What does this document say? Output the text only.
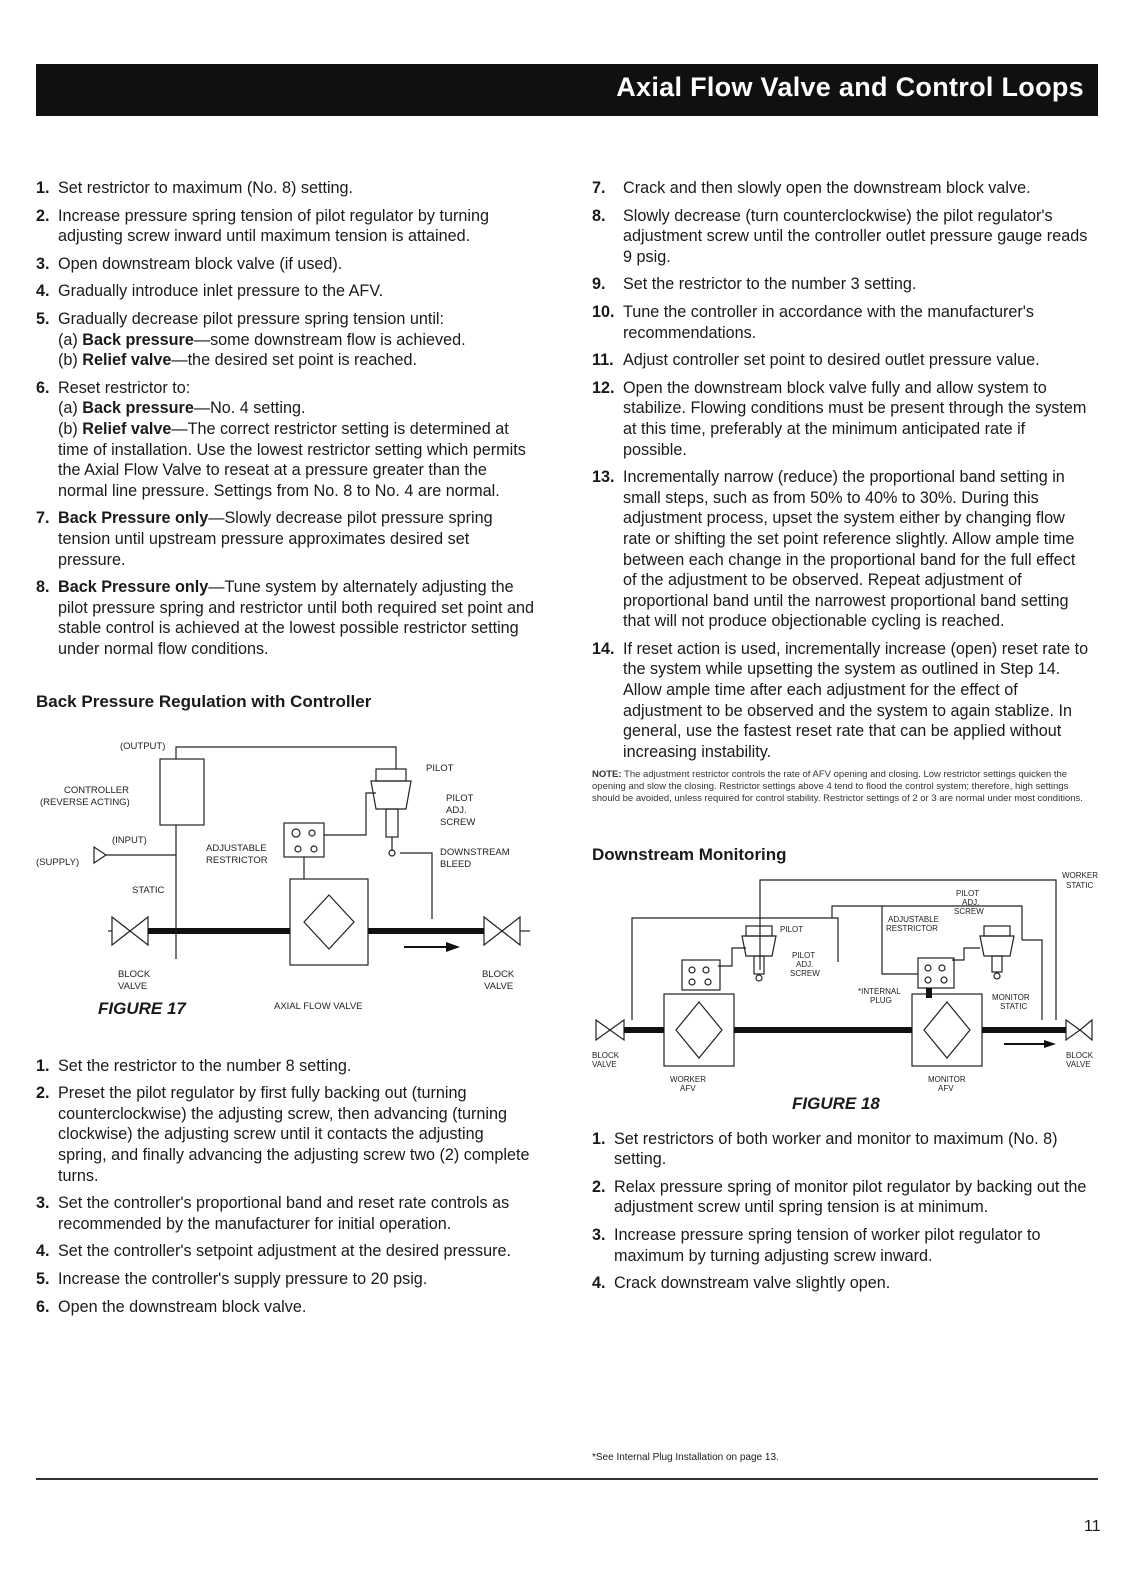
Axial Flow Valve and Control Loops
1. Set restrictor to maximum (No. 8) setting.
2. Increase pressure spring tension of pilot regulator by turning adjusting screw inward until maximum tension is attained.
3. Open downstream block valve (if used).
4. Gradually introduce inlet pressure to the AFV.
5. Gradually decrease pilot pressure spring tension until:
(a) Back pressure—some downstream flow is achieved.
(b) Relief valve—the desired set point is reached.
6. Reset restrictor to:
(a) Back pressure—No. 4 setting.
(b) Relief valve—The correct restrictor setting is determined at time of installation. Use the lowest restrictor setting which permits the Axial Flow Valve to reseat at a pressure greater than the normal line pressure. Settings from No. 8 to No. 4 are normal.
7. Back Pressure only—Slowly decrease pilot pressure spring tension until upstream pressure approximates desired set pressure.
8. Back Pressure only—Tune system by alternately adjusting the pilot pressure spring and restrictor until both required set point and stable control is achieved at the lowest possible restrictor setting under normal flow conditions.
Back Pressure Regulation with Controller
(OUTPUT)
CONTROLLER
(REVERSE ACTING)
(INPUT)
(SUPPLY)
STATIC
ADJUSTABLE
RESTRICTOR
PILOT
PILOT
ADJ.
SCREW
DOWNSTREAM
BLEED
BLOCK
VALVE
BLOCK
VALVE
AXIAL FLOW VALVE
FIGURE 17
1. Set the restrictor to the number 8 setting.
2. Preset the pilot regulator by first fully backing out (turning counterclockwise) the adjusting screw, then advancing (turning clockwise) the adjusting screw until it contacts the adjusting spring, and finally advancing the adjusting screw two (2) complete turns.
3. Set the controller's proportional band and reset rate controls as recommended by the manufacturer for initial operation.
4. Set the controller's setpoint adjustment at the desired pressure.
5. Increase the controller's supply pressure to 20 psig.
6. Open the downstream block valve.
7. Crack and then slowly open the downstream block valve.
8. Slowly decrease (turn counterclockwise) the pilot regulator's adjustment screw until the controller outlet pressure gauge reads 9 psig.
9. Set the restrictor to the number 3 setting.
10. Tune the controller in accordance with the manufacturer's recommendations.
11. Adjust controller set point to desired outlet pressure value.
12. Open the downstream block valve fully and allow system to stabilize. Flowing conditions must be present through the system at this time, preferably at the minimum anticipated rate if possible.
13. Incrementally narrow (reduce) the proportional band setting in small steps, such as from 50% to 40% to 30%. During this adjustment process, upset the system either by changing flow rate or shifting the set point reference slightly. Allow ample time between each change in the proportional band for the full effect of the adjustment to be observed. Repeat adjustment of proportional band until the narrowest proportional band setting that will not produce objectionable cycling is reached.
14. If reset action is used, incrementally increase (open) reset rate to the system while upsetting the system as outlined in Step 14. Allow ample time after each adjustment for the effect of adjustment to be observed and the system to again stablize. In general, use the fastest reset rate that can be applied without increasing instability.
NOTE: The adjustment restrictor controls the rate of AFV opening and closing. Low restrictor settings quicken the opening and slow the closing. Restrictor settings above 4 tend to flood the control system; therefore, high settings should be avoided, unless required for control stability. Restrictor settings of 2 or 3 are normal under most conditions.
Downstream Monitoring
WORKER
STATIC
PILOT
ADJ.
SCREW
ADJUSTABLE
RESTRICTOR
PILOT
PILOT
ADJ.
SCREW
*INTERNAL
PLUG	MONITOR
STATIC
BLOCK
VALVE
BLOCK
VALVE
WORKER
AFV
MONITOR
AFV
FIGURE 18
1. Set restrictors of both worker and monitor to maximum (No. 8) setting.
2. Relax pressure spring of monitor pilot regulator by backing out the adjustment screw until spring tension is at minimum.
3. Increase pressure spring tension of worker pilot regulator to maximum by turning adjusting screw inward.
4. Crack downstream valve slightly open.
*See Internal Plug Installation on page 13.
11
